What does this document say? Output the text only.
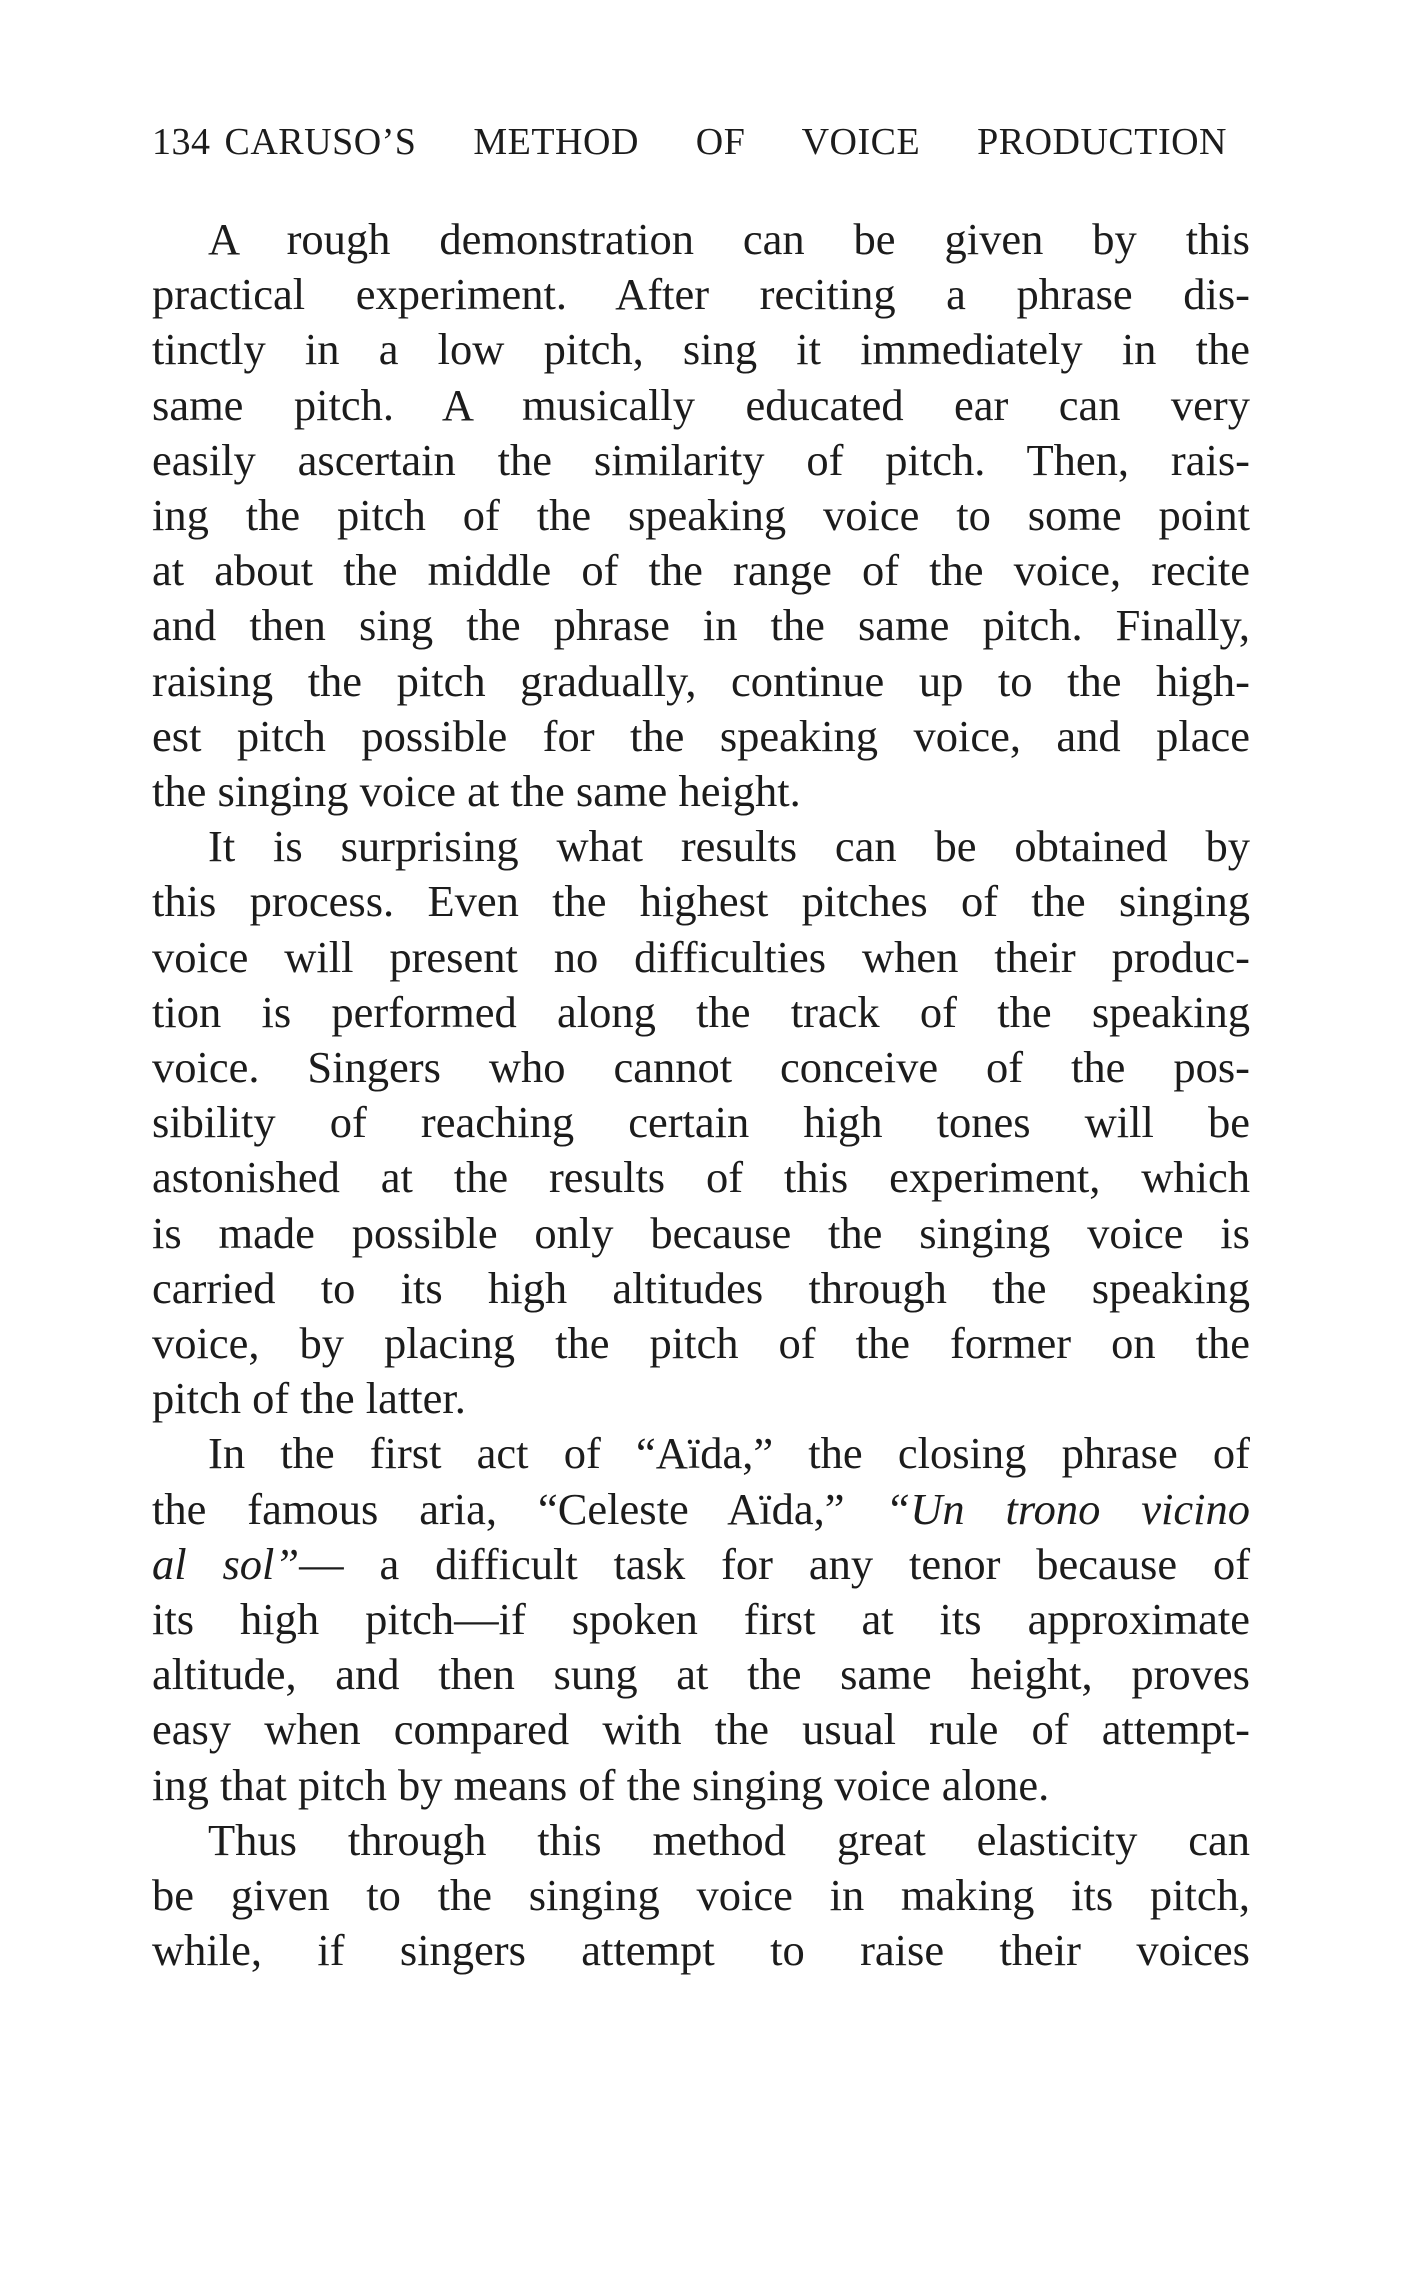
134 CARUSO’S METHOD OF VOICE PRODUCTION
A rough demonstration can be given by this
practical experiment. After reciting a phrase dis-
tinctly in a low pitch, sing it immediately in the
same pitch. A musically educated ear can very
easily ascertain the similarity of pitch. Then, rais-
ing the pitch of the speaking voice to some point
at about the middle of the range of the voice, recite
and then sing the phrase in the same pitch. Finally,
raising the pitch gradually, continue up to the high-
est pitch possible for the speaking voice, and place
the singing voice at the same height.
It is surprising what results can be obtained by
this process. Even the highest pitches of the singing
voice will present no difficulties when their produc-
tion is performed along the track of the speaking
voice. Singers who cannot conceive of the pos-
sibility of reaching certain high tones will be
astonished at the results of this experiment, which
is made possible only because the singing voice is
carried to its high altitudes through the speaking
voice, by placing the pitch of the former on the
pitch of the latter.
In the first act of “Aïda,” the closing phrase of
the famous aria, “Celeste Aïda,” “Un trono vicino
al sol”— a difficult task for any tenor because of
its high pitch—if spoken first at its approximate
altitude, and then sung at the same height, proves
easy when compared with the usual rule of attempt-
ing that pitch by means of the singing voice alone.
Thus through this method great elasticity can
be given to the singing voice in making its pitch,
while, if singers attempt to raise their voices
